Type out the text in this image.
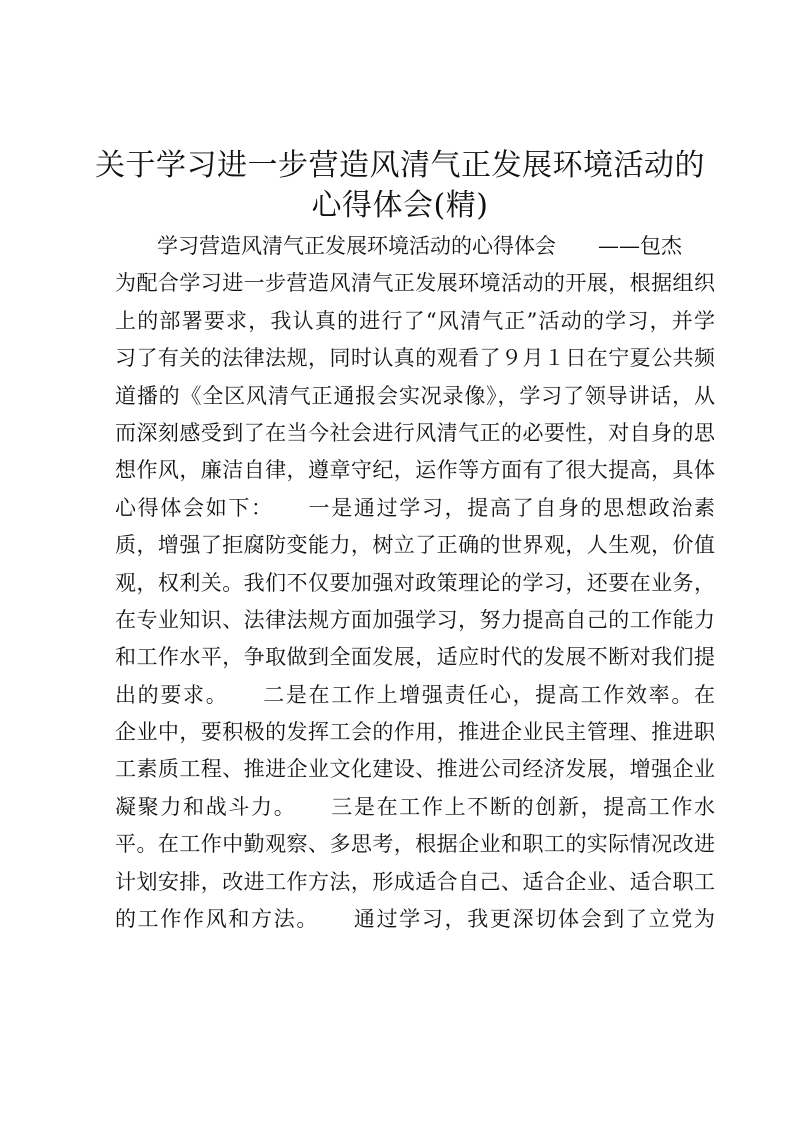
关于学习进一步营造风清气正发展环境活动的
心得体会(精)
　　学习营造风清气正发展环境活动的心得体会　　——包杰
为配合学习进一步营造风清气正发展环境活动的开展，根据组织
上的部署要求，我认真的进行了“风清气正”活动的学习，并学
习了有关的法律法规，同时认真的观看了９月１日在宁夏公共频
道播的《全区风清气正通报会实况录像》，学习了领导讲话，从
而深刻感受到了在当今社会进行风清气正的必要性，对自身的思
想作风，廉洁自律，遵章守纪，运作等方面有了很大提高，具体
心得体会如下：　　一是通过学习，提高了自身的思想政治素
质，增强了拒腐防变能力，树立了正确的世界观，人生观，价值
观，权利关。我们不仅要加强对政策理论的学习，还要在业务，
在专业知识、法律法规方面加强学习，努力提高自己的工作能力
和工作水平，争取做到全面发展，适应时代的发展不断对我们提
出的要求。　　二是在工作上增强责任心，提高工作效率。在
企业中，要积极的发挥工会的作用，推进企业民主管理、推进职
工素质工程、推进企业文化建设、推进公司经济发展，增强企业
凝聚力和战斗力。　　三是在工作上不断的创新，提高工作水
平。在工作中勤观察、多思考，根据企业和职工的实际情况改进
计划安排，改进工作方法，形成适合自己、适合企业、适合职工
的工作作风和方法。　　通过学习，我更深切体会到了立党为
